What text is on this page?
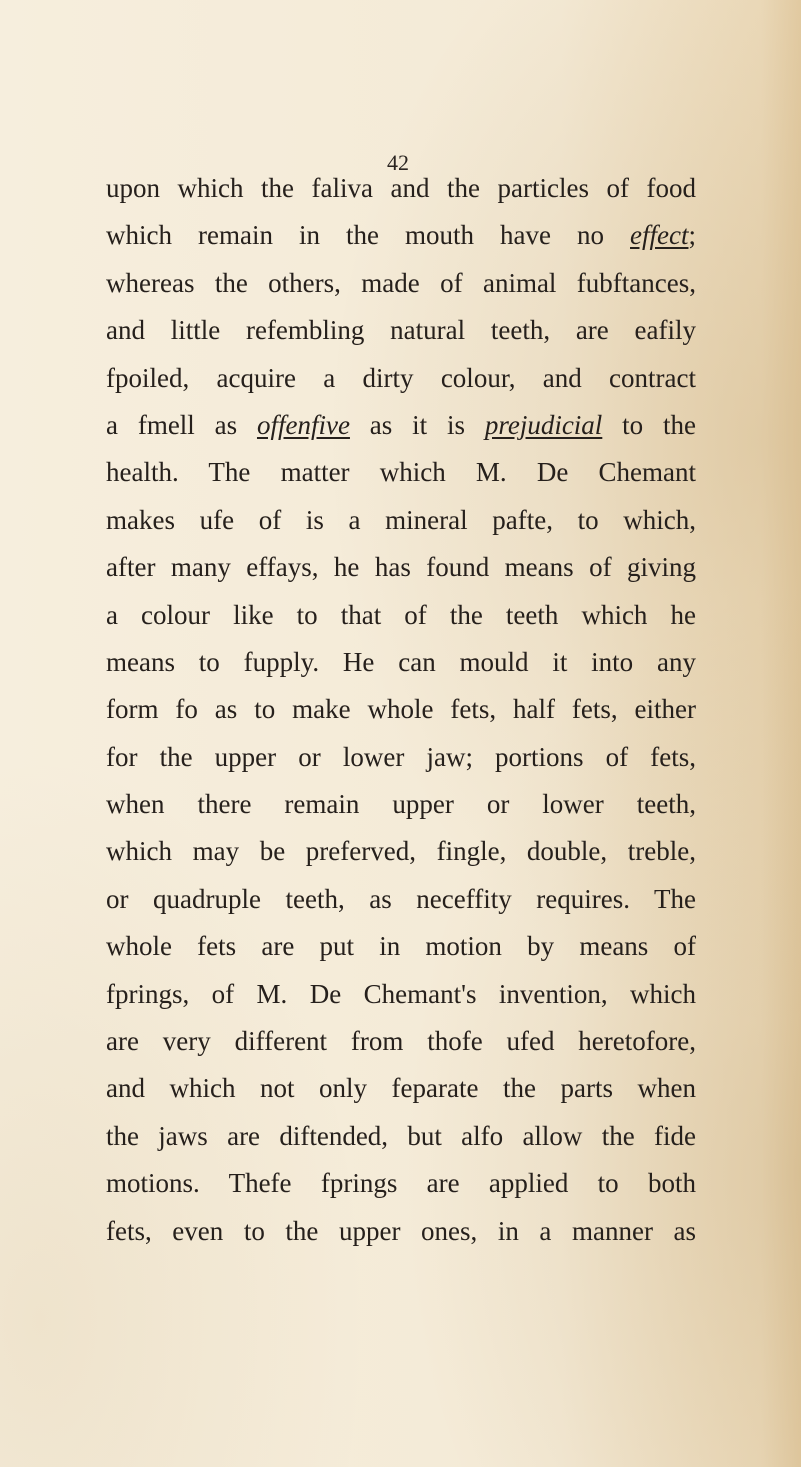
42
upon which the faliva and the particles of food
which remain in the mouth have no effect;
whereas the others, made of animal fubftances,
and little refembling natural teeth, are eafily
fpoiled, acquire a dirty colour, and contract
a fmell as offenfive as it is prejudicial to the
health. The matter which M. De Chemant
makes ufe of is a mineral pafte, to which,
after many effays, he has found means of giving
a colour like to that of the teeth which he
means to fupply. He can mould it into any
form fo as to make whole fets, half fets, either
for the upper or lower jaw; portions of fets,
when there remain upper or lower teeth,
which may be preferved, fingle, double, treble,
or quadruple teeth, as neceffity requires. The
whole fets are put in motion by means of
fprings, of M. De Chemant's invention, which
are very different from thofe ufed heretofore,
and which not only feparate the parts when
the jaws are diftended, but alfo allow the fide
motions. Thefe fprings are applied to both
fets, even to the upper ones, in a manner as
